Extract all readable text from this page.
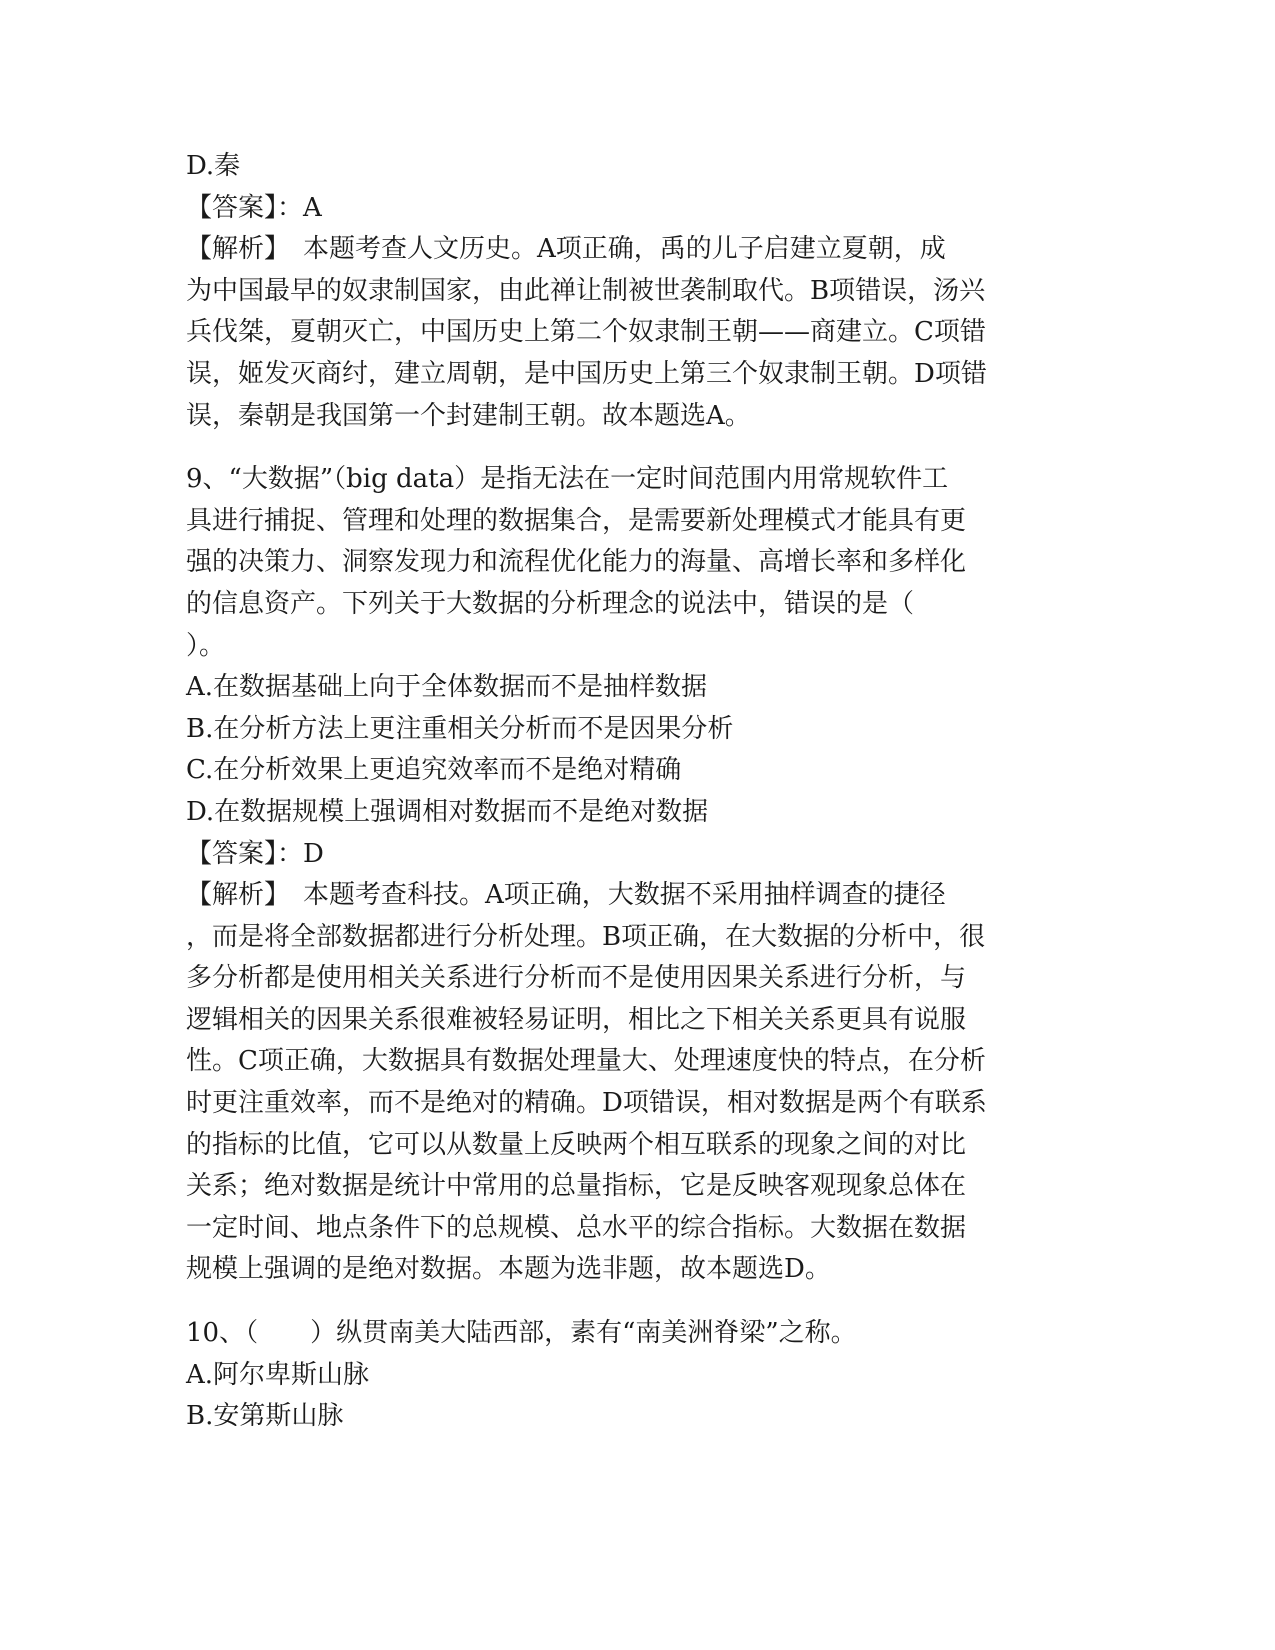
D.秦
【答案】：A
【解析】　本题考查人文历史。A项正确，禹的儿子启建立夏朝，成
为中国最早的奴隶制国家，由此禅让制被世袭制取代。B项错误，汤兴
兵伐桀，夏朝灭亡，中国历史上第二个奴隶制王朝——商建立。C项错
误，姬发灭商纣，建立周朝，是中国历史上第三个奴隶制王朝。D项错
误，秦朝是我国第一个封建制王朝。故本题选A。
9、“大数据”（big data）是指无法在一定时间范围内用常规软件工
具进行捕捉、管理和处理的数据集合，是需要新处理模式才能具有更
强的决策力、洞察发现力和流程优化能力的海量、高增长率和多样化
的信息资产。下列关于大数据的分析理念的说法中，错误的是（
）。
A.在数据基础上向于全体数据而不是抽样数据
B.在分析方法上更注重相关分析而不是因果分析
C.在分析效果上更追究效率而不是绝对精确
D.在数据规模上强调相对数据而不是绝对数据
【答案】：D
【解析】　本题考查科技。A项正确，大数据不采用抽样调查的捷径
，而是将全部数据都进行分析处理。B项正确，在大数据的分析中，很
多分析都是使用相关关系进行分析而不是使用因果关系进行分析，与
逻辑相关的因果关系很难被轻易证明，相比之下相关关系更具有说服
性。C项正确，大数据具有数据处理量大、处理速度快的特点，在分析
时更注重效率，而不是绝对的精确。D项错误，相对数据是两个有联系
的指标的比值，它可以从数量上反映两个相互联系的现象之间的对比
关系；绝对数据是统计中常用的总量指标，它是反映客观现象总体在
一定时间、地点条件下的总规模、总水平的综合指标。大数据在数据
规模上强调的是绝对数据。本题为选非题，故本题选D。
10、（　　）纵贯南美大陆西部，素有“南美洲脊梁”之称。
A.阿尔卑斯山脉
B.安第斯山脉
